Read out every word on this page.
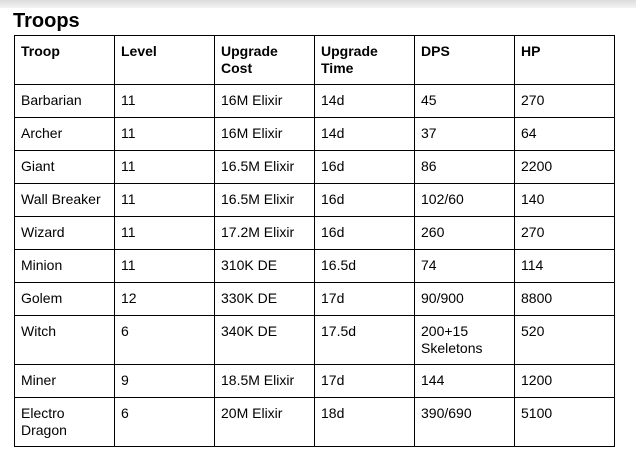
Troops
Troop	Level	Upgrade Cost	Upgrade Time	DPS	HP
Barbarian	11	16M Elixir	14d	45	270
Archer	11	16M Elixir	14d	37	64
Giant	11	16.5M Elixir	16d	86	2200
Wall Breaker	11	16.5M Elixir	16d	102/60	140
Wizard	11	17.2M Elixir	16d	260	270
Minion	11	310K DE	16.5d	74	114
Golem	12	330K DE	17d	90/900	8800
Witch	6	340K DE	17.5d	200+15 Skeletons	520
Miner	9	18.5M Elixir	17d	144	1200
Electro Dragon	6	20M Elixir	18d	390/690	5100
